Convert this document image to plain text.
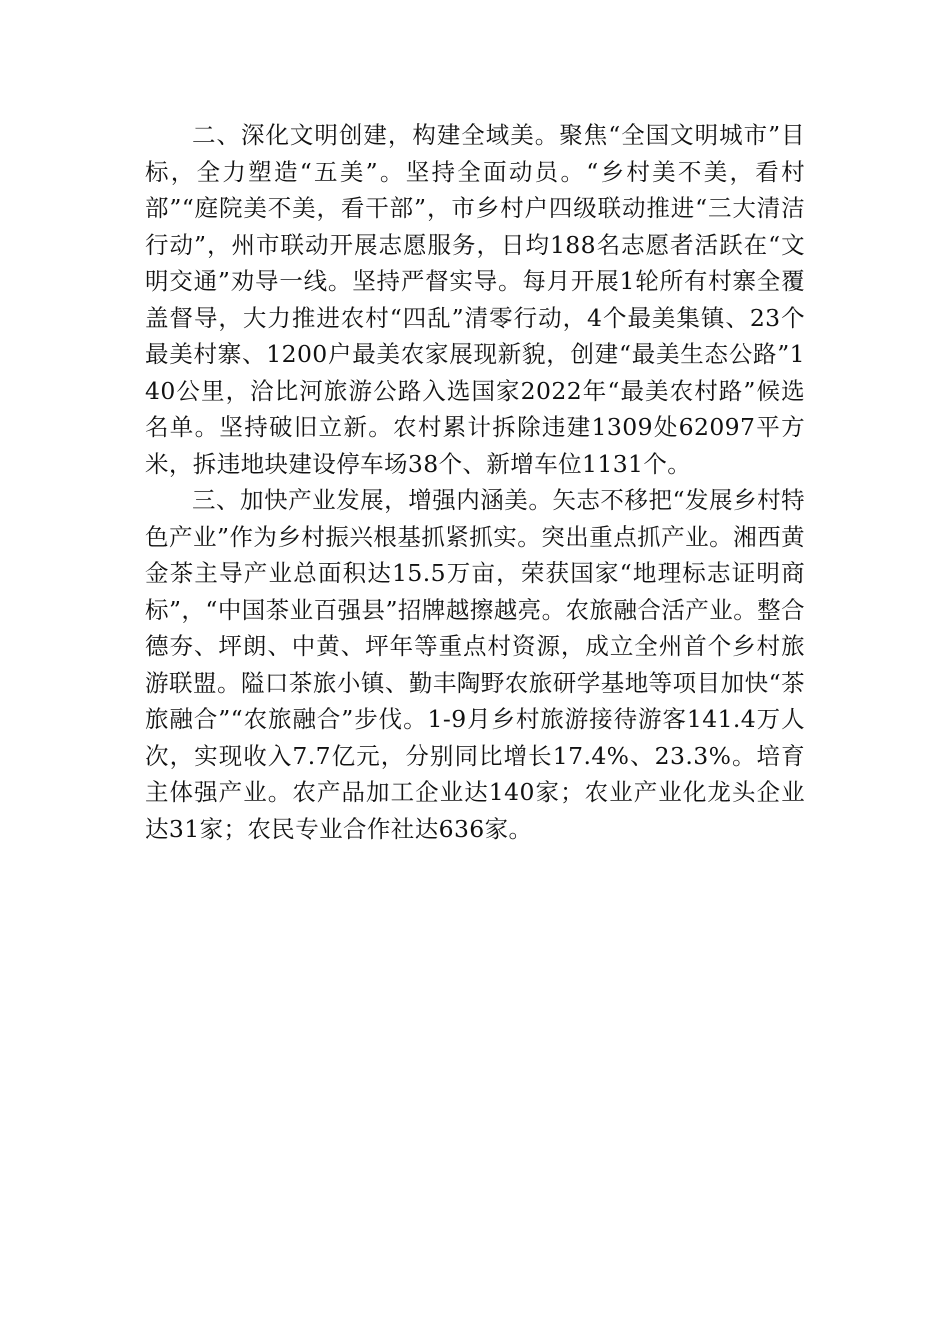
二、深化文明创建，构建全域美。聚焦“全国文明城市”目标，全力塑造“五美”。坚持全面动员。“乡村美不美，看村部”“庭院美不美，看干部”，市乡村户四级联动推进“三大清洁行动”，州市联动开展志愿服务，日均188名志愿者活跃在“文明交通”劝导一线。坚持严督实导。每月开展1轮所有村寨全覆盖督导，大力推进农村“四乱”清零行动，4个最美集镇、23个最美村寨、1200户最美农家展现新貌，创建“最美生态公路”140公里，洽比河旅游公路入选国家2022年“最美农村路”候选名单。坚持破旧立新。农村累计拆除违建1309处62097平方米，拆违地块建设停车场38个、新增车位1131个。

三、加快产业发展，增强内涵美。矢志不移把“发展乡村特色产业”作为乡村振兴根基抓紧抓实。突出重点抓产业。湘西黄金茶主导产业总面积达15.5万亩，荣获国家“地理标志证明商标”，“中国茶业百强县”招牌越擦越亮。农旅融合活产业。整合德夯、坪朗、中黄、坪年等重点村资源，成立全州首个乡村旅游联盟。隘口茶旅小镇、勤丰陶野农旅研学基地等项目加快“茶旅融合”“农旅融合”步伐。1-9月乡村旅游接待游客141.4万人次，实现收入7.7亿元，分别同比增长17.4%、23.3%。培育主体强产业。农产品加工企业达140家；农业产业化龙头企业达31家；农民专业合作社达636家。
